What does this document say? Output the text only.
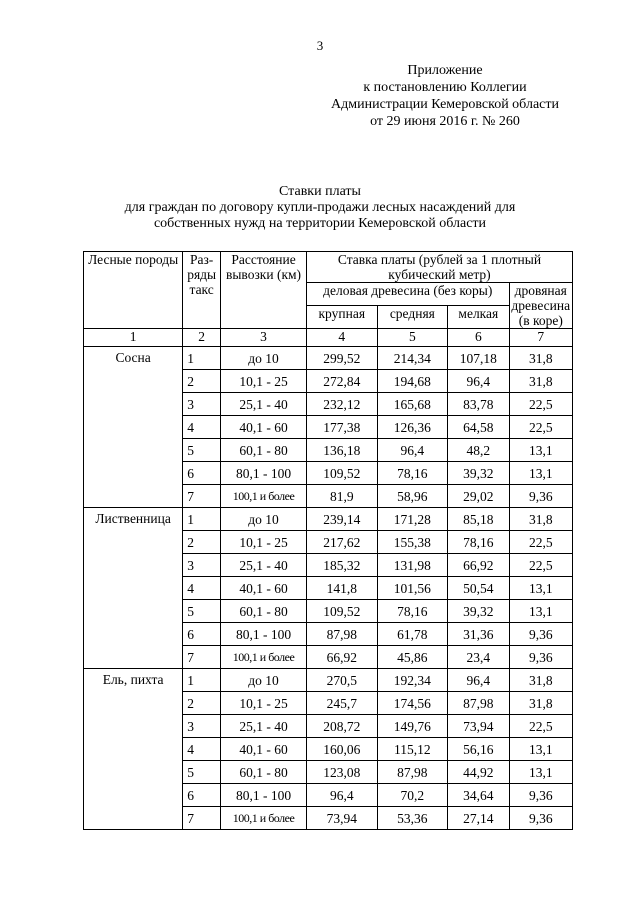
3
Приложение
к постановлению Коллегии
Администрации Кемеровской области
от 29 июня 2016 г. № 260
Ставки платы
для граждан по договору купли-продажи лесных насаждений для
собственных нужд на территории Кемеровской области
Лесные породы	Раз-ряды такс	Расстояние вывозки (км)	Ставка платы (рублей за 1 плотный кубический метр)			
			деловая древесина (без коры)			дровяная древесина (в коре)
			крупная	средняя	мелкая	
1	2	3	4	5	6	7
Сосна	1	до 10	299,52	214,34	107,18	31,8
	2	10,1 - 25	272,84	194,68	96,4	31,8
	3	25,1 - 40	232,12	165,68	83,78	22,5
	4	40,1 - 60	177,38	126,36	64,58	22,5
	5	60,1 - 80	136,18	96,4	48,2	13,1
	6	80,1 - 100	109,52	78,16	39,32	13,1
	7	100,1 и более	81,9	58,96	29,02	9,36
Лиственница	1	до 10	239,14	171,28	85,18	31,8
	2	10,1 - 25	217,62	155,38	78,16	22,5
	3	25,1 - 40	185,32	131,98	66,92	22,5
	4	40,1 - 60	141,8	101,56	50,54	13,1
	5	60,1 - 80	109,52	78,16	39,32	13,1
	6	80,1 - 100	87,98	61,78	31,36	9,36
	7	100,1 и более	66,92	45,86	23,4	9,36
Ель, пихта	1	до 10	270,5	192,34	96,4	31,8
	2	10,1 - 25	245,7	174,56	87,98	31,8
	3	25,1 - 40	208,72	149,76	73,94	22,5
	4	40,1 - 60	160,06	115,12	56,16	13,1
	5	60,1 - 80	123,08	87,98	44,92	13,1
	6	80,1 - 100	96,4	70,2	34,64	9,36
	7	100,1 и более	73,94	53,36	27,14	9,36
